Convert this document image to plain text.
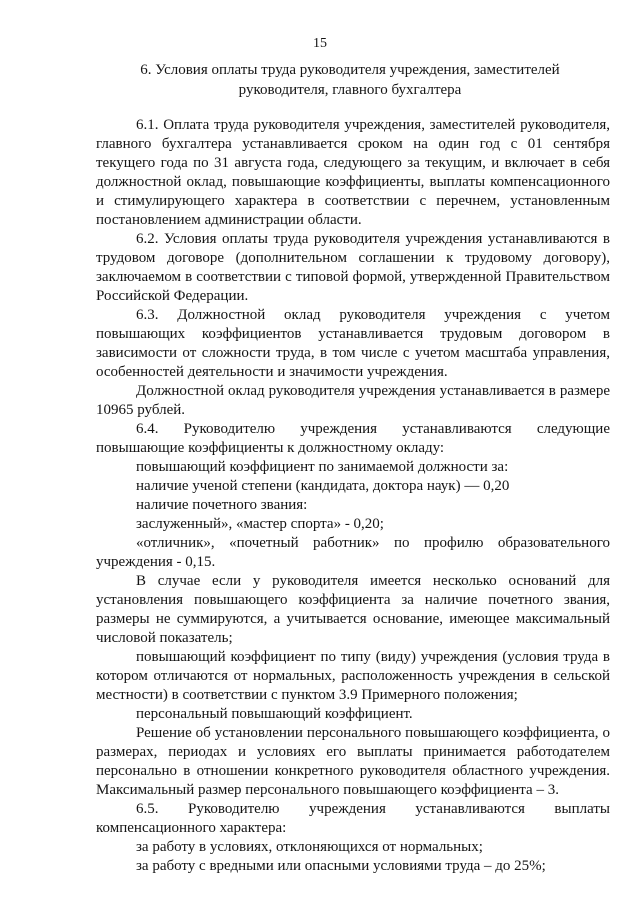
15
6. Условия оплаты труда руководителя учреждения, заместителей
руководителя, главного бухгалтера

6.1. Оплата труда руководителя учреждения, заместителей руководителя, главного бухгалтера устанавливается сроком на один год с 01 сентября текущего года по 31 августа года, следующего за текущим, и включает в себя должностной оклад, повышающие коэффициенты, выплаты компенсационного и стимулирующего характера в соответствии с перечнем, установленным постановлением администрации области.

6.2. Условия оплаты труда руководителя учреждения устанавливаются в трудовом договоре (дополнительном соглашении к трудовому договору), заключаемом в соответствии с типовой формой, утвержденной Правительством Российской Федерации.

6.3. Должностной оклад руководителя учреждения с учетом повышающих коэффициентов устанавливается трудовым договором в зависимости от сложности труда, в том числе с учетом масштаба управления, особенностей деятельности и значимости учреждения.

Должностной оклад руководителя учреждения устанавливается в размере 10965 рублей.

6.4. Руководителю учреждения устанавливаются следующие повышающие коэффициенты к должностному окладу:

повышающий коэффициент по занимаемой должности за:

наличие ученой степени (кандидата, доктора наук) — 0,20

наличие почетного звания:

заслуженный», «мастер спорта» - 0,20;

«отличник», «почетный работник» по профилю образовательного учреждения - 0,15.

В случае если у руководителя имеется несколько оснований для установления повышающего коэффициента за наличие почетного звания, размеры не суммируются, а учитывается основание, имеющее максимальный числовой показатель;

повышающий коэффициент по типу (виду) учреждения (условия труда в котором отличаются от нормальных, расположенность учреждения в сельской местности) в соответствии с пунктом 3.9 Примерного положения;

персональный повышающий коэффициент.

Решение об установлении персонального повышающего коэффициента, о размерах, периодах и условиях его выплаты принимается работодателем персонально в отношении конкретного руководителя областного учреждения. Максимальный размер персонального повышающего коэффициента – 3.

6.5. Руководителю учреждения устанавливаются выплаты компенсационного характера:

за работу в условиях, отклоняющихся от нормальных;

за работу с вредными или опасными условиями труда – до 25%;
